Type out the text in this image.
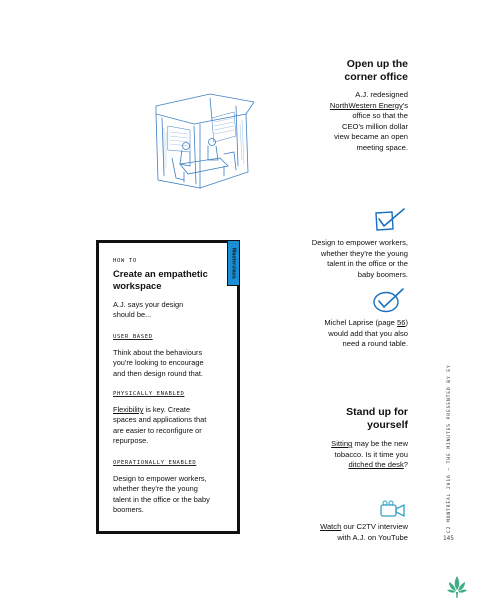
Open up the
corner office
A.J. redesigned
NorthWestern Energy's
office so that the
CEO's million dollar
view became an open
meeting space.
Design to empower workers,
whether they're the young
talent in the office or the
baby boomers.
Michel Laprise (page 56)
would add that you also
need a round table.
Stand up for
yourself
Sitting may be the new
tobacco. Is it time you
ditched the desk?
Watch our C2TV interview
with A.J. on YouTube
Masterclass
HOW TO
Create an empathetic
workspace
A.J. says your design
should be...
USER BASED
Think about the behaviours
you're looking to encourage
and then design round that.
PHYSICALLY ENABLED
Flexibility is key. Create
spaces and applications that
are easier to reconfigure or
repurpose.
OPERATIONALLY ENABLED
Design to empower workers,
whether they're the young
talent in the office or the baby
boomers.	C2 MONTRÉAL 2016 — THE MINUTES PRESENTED BY EY
145
